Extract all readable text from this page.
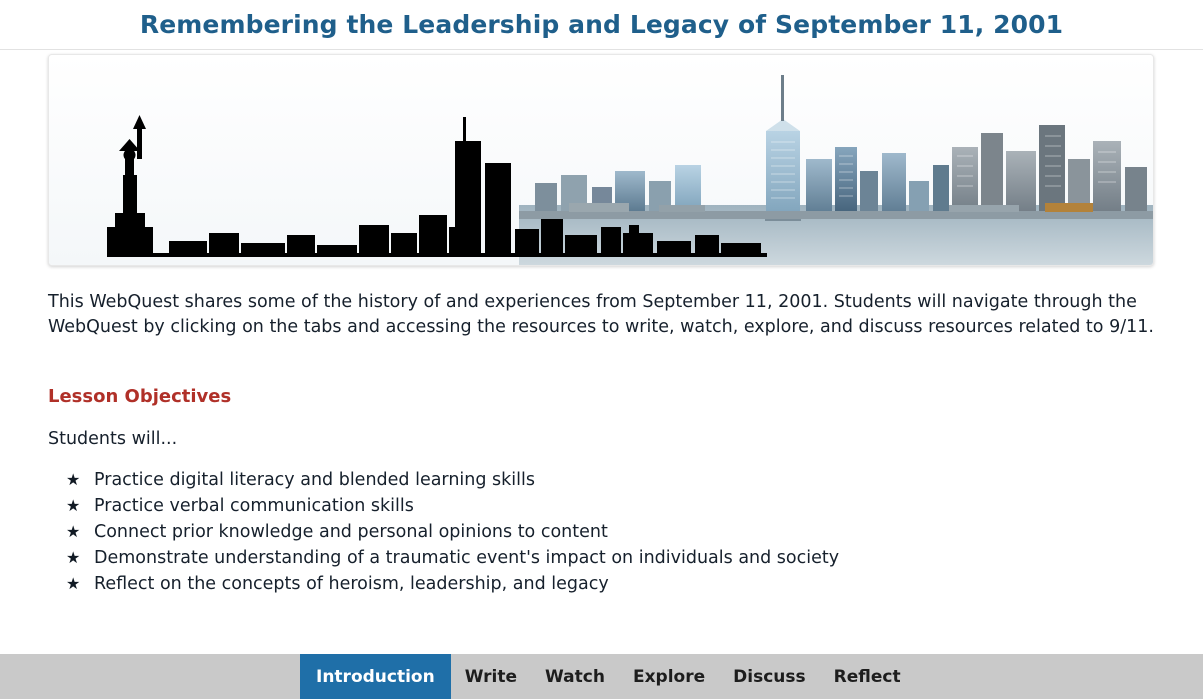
Remembering the Leadership and Legacy of September 11, 2001

This WebQuest shares some of the history of and experiences from September 11, 2001. Students will navigate through the WebQuest by clicking on the tabs and accessing the resources to write, watch, explore, and discuss resources related to 9/11.

Lesson Objectives
Students will...
★ Practice digital literacy and blended learning skills
★ Practice verbal communication skills
★ Connect prior knowledge and personal opinions to content
★ Demonstrate understanding of a traumatic event's impact on individuals and society
★ Reflect on the concepts of heroism, leadership, and legacy
Introduction	Write	Watch	Explore	Discuss	Reflect
